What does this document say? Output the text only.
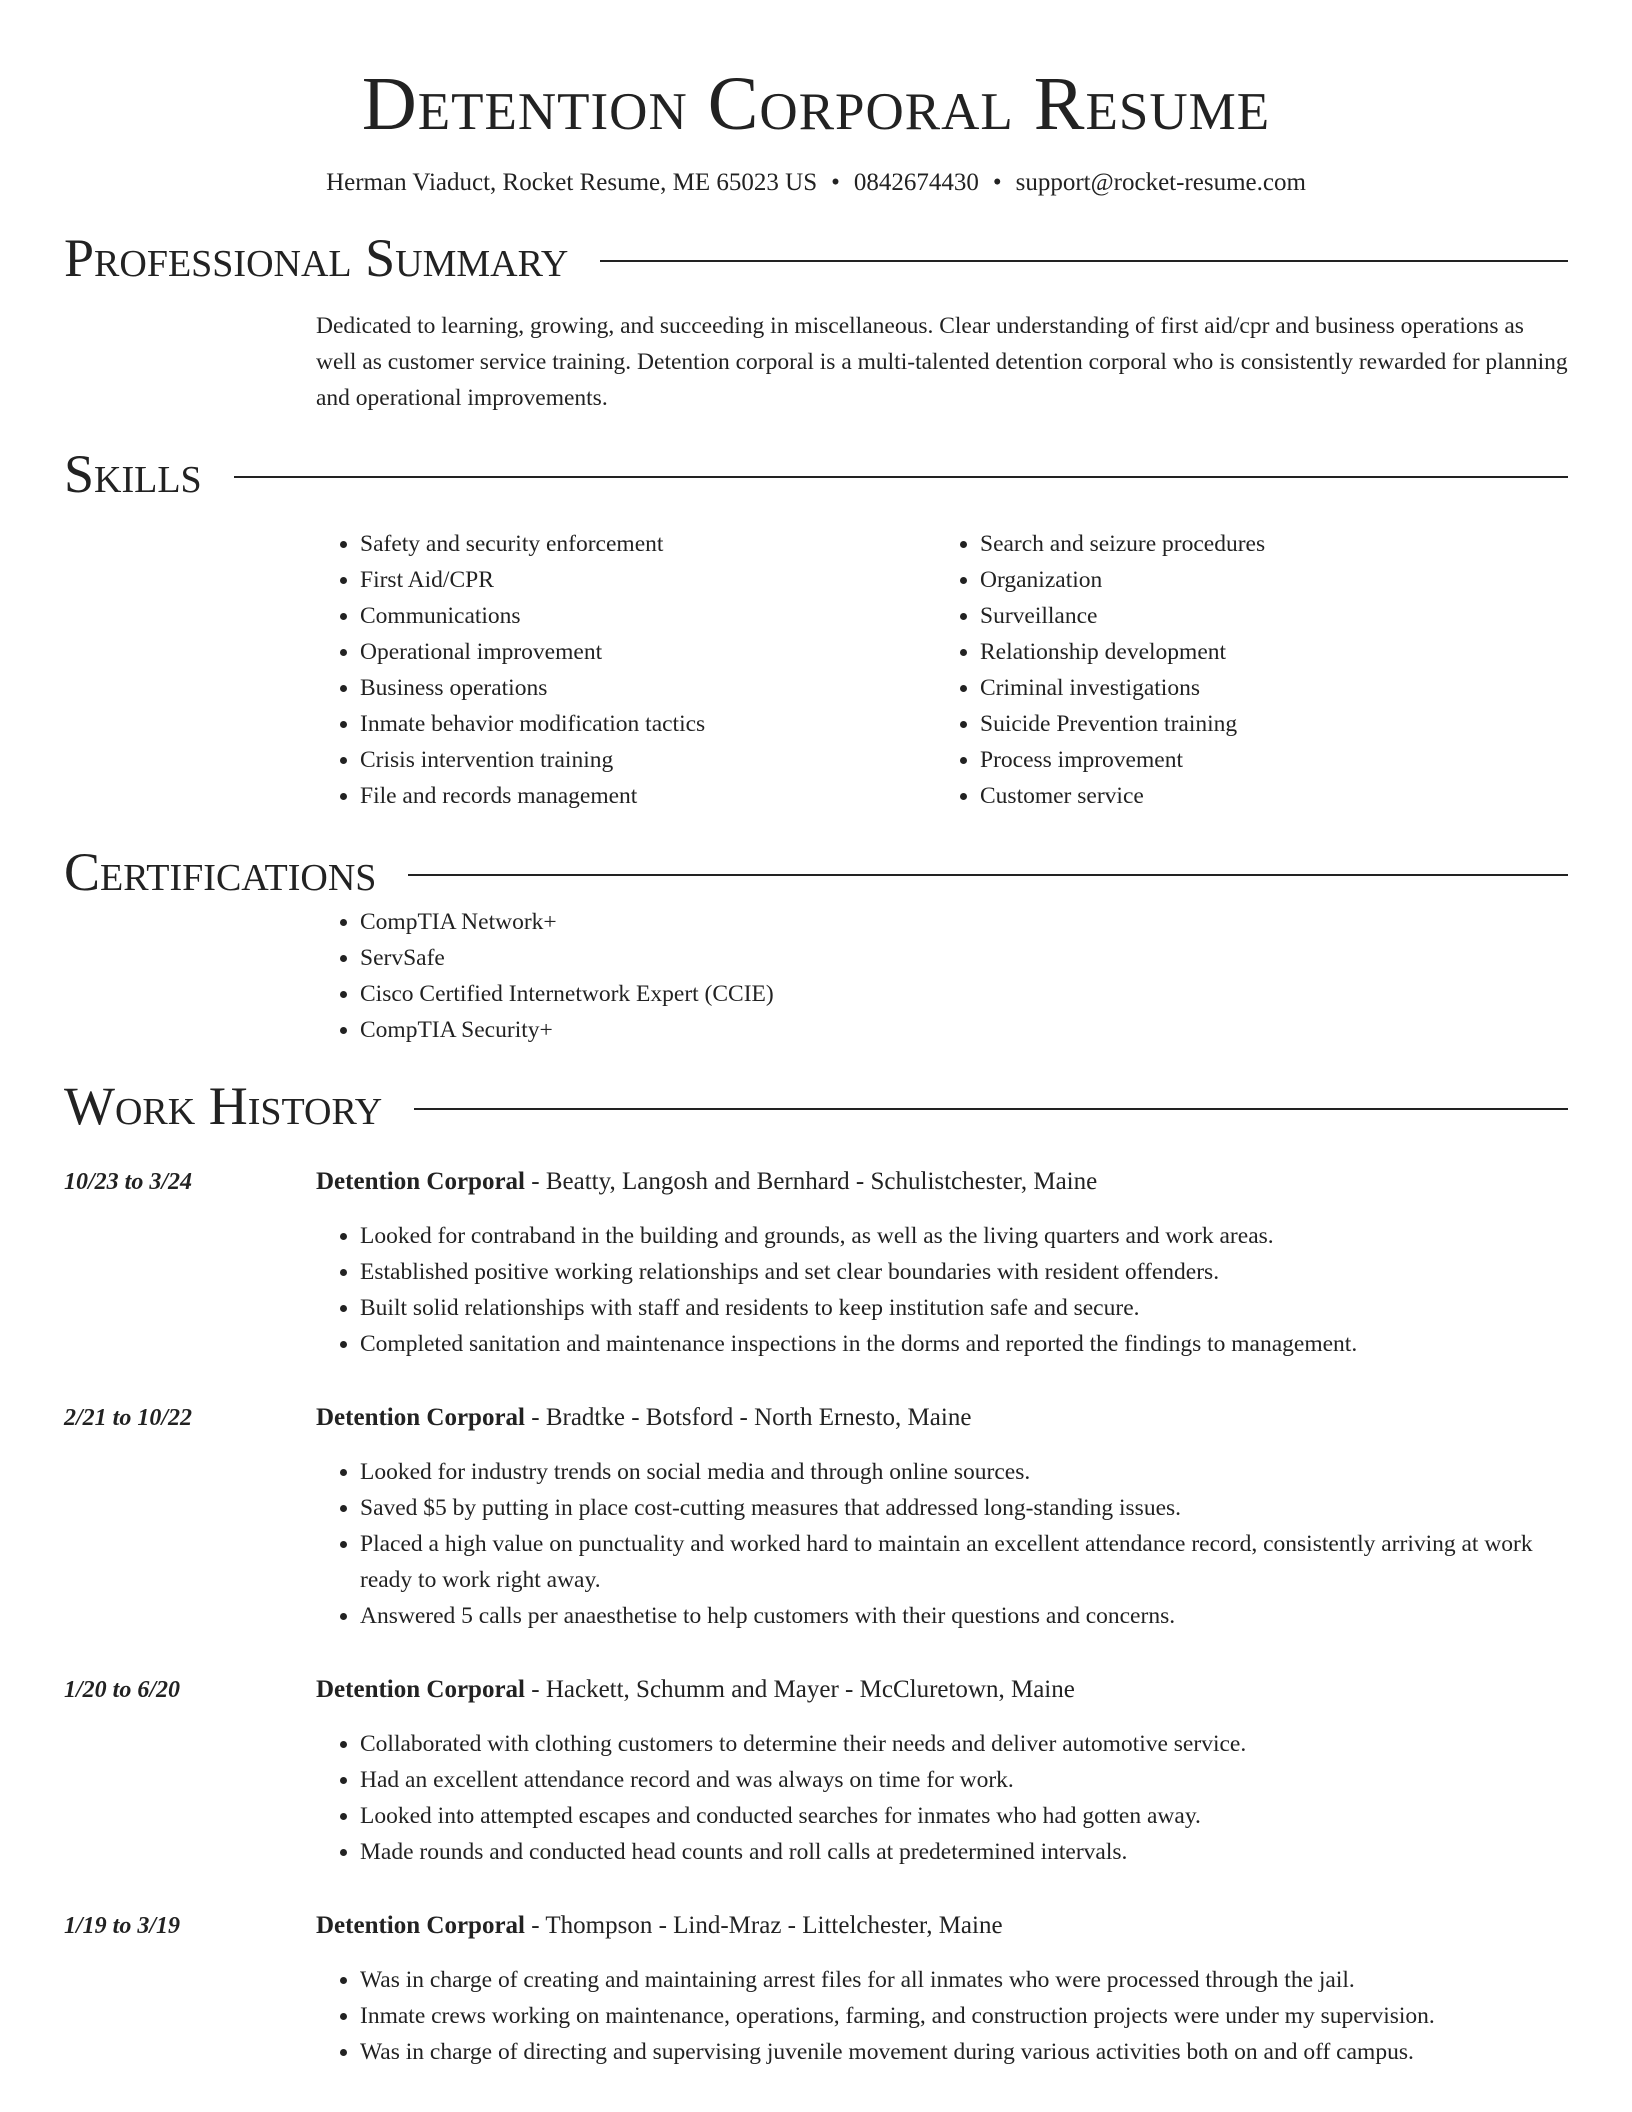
Detention Corporal Resume
Herman Viaduct, Rocket Resume, ME 65023 US • 0842674430 • support@rocket-resume.com
Professional Summary

Dedicated to learning, growing, and succeeding in miscellaneous. Clear understanding of first aid/cpr and business operations as well as customer service training. Detention corporal is a multi-talented detention corporal who is consistently rewarded for planning and operational improvements.

Skills
• Safety and security enforcement
• First Aid/CPR
• Communications
• Operational improvement
• Business operations
• Inmate behavior modification tactics
• Crisis intervention training
• File and records management
• Search and seizure procedures
• Organization
• Surveillance
• Relationship development
• Criminal investigations
• Suicide Prevention training
• Process improvement
• Customer service
Certifications
• CompTIA Network+
• ServSafe
• Cisco Certified Internetwork Expert (CCIE)
• CompTIA Security+
Work History
10/23 to 3/24	Detention Corporal - Beatty, Langosh and Bernhard - Schulistchester, Maine
• Looked for contraband in the building and grounds, as well as the living quarters and work areas.
• Established positive working relationships and set clear boundaries with resident offenders.
• Built solid relationships with staff and residents to keep institution safe and secure.
• Completed sanitation and maintenance inspections in the dorms and reported the findings to management.
2/21 to 10/22	Detention Corporal - Bradtke - Botsford - North Ernesto, Maine
• Looked for industry trends on social media and through online sources.
• Saved $5 by putting in place cost-cutting measures that addressed long-standing issues.
• Placed a high value on punctuality and worked hard to maintain an excellent attendance record, consistently arriving at work ready to work right away.
• Answered 5 calls per anaesthetise to help customers with their questions and concerns.
1/20 to 6/20	Detention Corporal - Hackett, Schumm and Mayer - McCluretown, Maine
• Collaborated with clothing customers to determine their needs and deliver automotive service.
• Had an excellent attendance record and was always on time for work.
• Looked into attempted escapes and conducted searches for inmates who had gotten away.
• Made rounds and conducted head counts and roll calls at predetermined intervals.
1/19 to 3/19	Detention Corporal - Thompson - Lind-Mraz - Littelchester, Maine
• Was in charge of creating and maintaining arrest files for all inmates who were processed through the jail.
• Inmate crews working on maintenance, operations, farming, and construction projects were under my supervision.
• Was in charge of directing and supervising juvenile movement during various activities both on and off campus.
